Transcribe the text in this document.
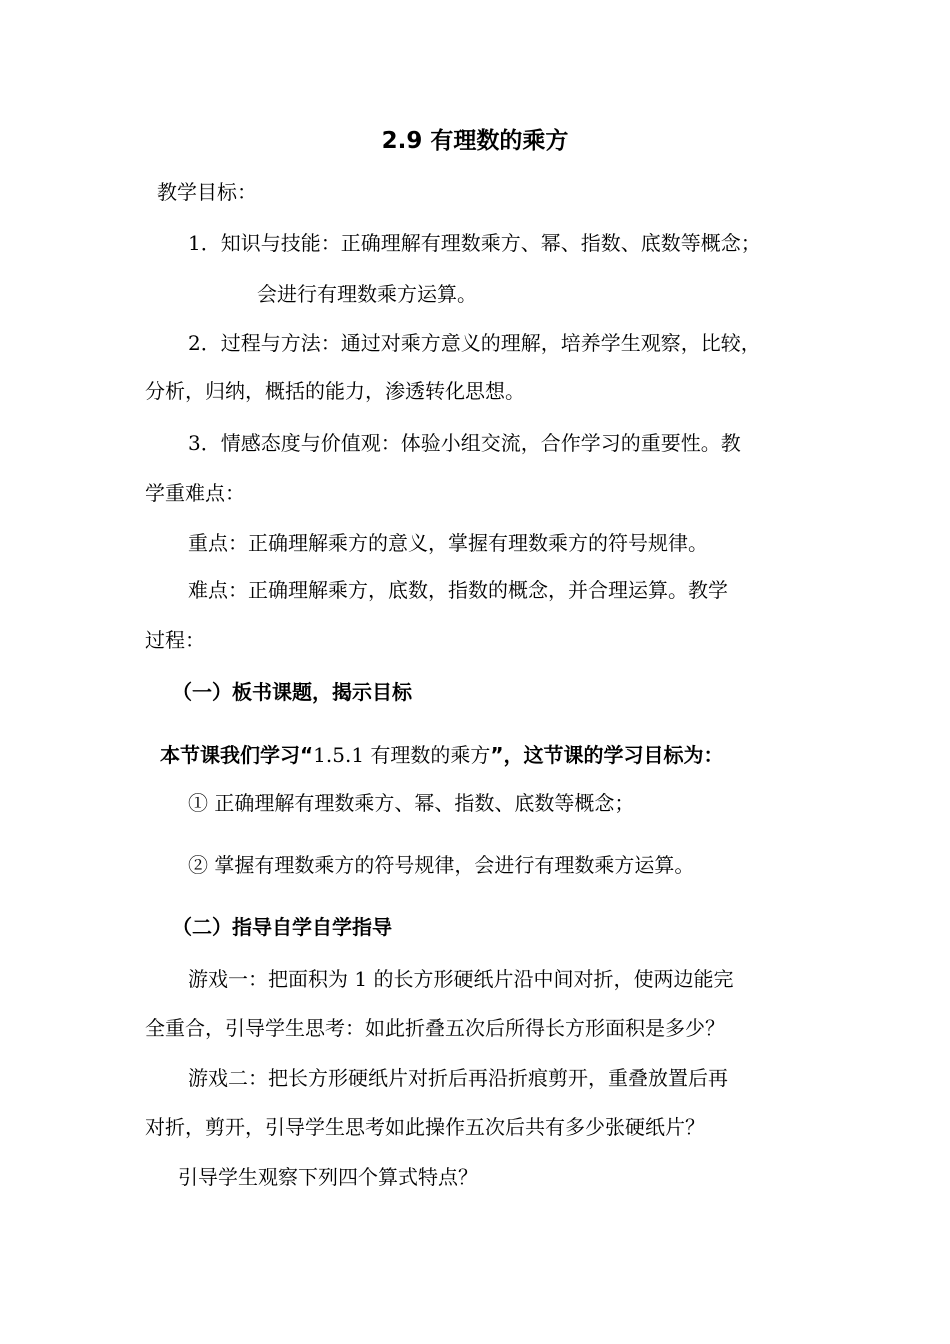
2.9 有理数的乘方

教学目标：

1．知识与技能：正确理解有理数乘方、幂、指数、底数等概念；

会进行有理数乘方运算。

2．过程与方法：通过对乘方意义的理解，培养学生观察，比较，

分析，归纳，概括的能力，渗透转化思想。

3．情感态度与价值观：体验小组交流，合作学习的重要性。教

学重难点：

重点：正确理解乘方的意义，掌握有理数乘方的符号规律。

难点：正确理解乘方，底数，指数的概念，并合理运算。教学

过程：

（一）板书课题，揭示目标

本节课我们学习“1.5.1 有理数的乘方”，这节课的学习目标为：

① 正确理解有理数乘方、幂、指数、底数等概念；

② 掌握有理数乘方的符号规律，会进行有理数乘方运算。

（二）指导自学自学指导

游戏一：把面积为 1 的长方形硬纸片沿中间对折，使两边能完

全重合，引导学生思考：如此折叠五次后所得长方形面积是多少？

游戏二：把长方形硬纸片对折后再沿折痕剪开，重叠放置后再

对折，剪开，引导学生思考如此操作五次后共有多少张硬纸片？

引导学生观察下列四个算式特点？
